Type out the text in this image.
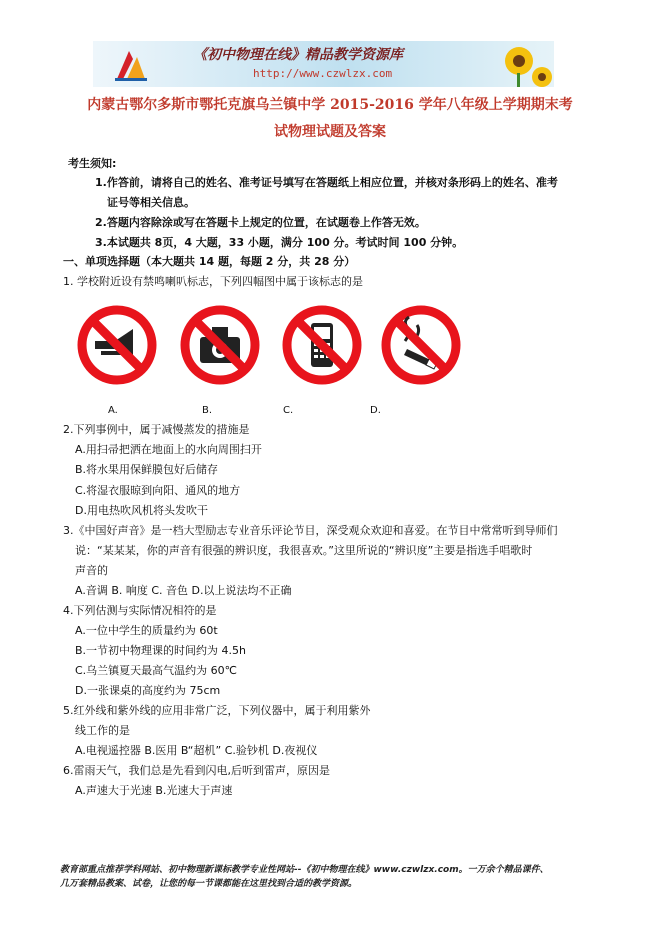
《初中物理在线》精品教学资源库
http://www.czwlzx.com
内蒙古鄂尔多斯市鄂托克旗乌兰镇中学 2015-2016 学年八年级上学期期末考
试物理试题及答案
考生须知:
1.作答前，请将自己的姓名、准考证号填写在答题纸上相应位置，并核对条形码上的姓名、准考
证号等相关信息。
2.答题内容除涂或写在答题卡上规定的位置，在试题卷上作答无效。
3.本试题共 8页，4 大题，33 小题，满分 100 分。考试时间 100 分钟。
一、单项选择题（本大题共 14 题，每题 2 分，共 28 分）
1. 学校附近设有禁鸣喇叭标志，下列四幅图中属于该标志的是
A.	B.	C.	D.
2.下列事例中，属于减慢蒸发的措施是
A.用扫帚把洒在地面上的水向周围扫开
B.将水果用保鲜膜包好后储存
C.将湿衣服晾到向阳、通风的地方
D.用电热吹风机将头发吹干
3.《中国好声音》是一档大型励志专业音乐评论节目，深受观众欢迎和喜爱。在节目中常常听到导师们
说：“某某某，你的声音有很强的辨识度，我很喜欢。”这里所说的“辨识度”主要是指选手唱歌时
声音的
A.音调 B. 响度 C. 音色 D.以上说法均不正确
4.下列估测与实际情况相符的是
A.一位中学生的质量约为 60t
B.一节初中物理课的时间约为 4.5h
C.乌兰镇夏天最高气温约为 60℃
D.一张课桌的高度约为 75cm
5.红外线和紫外线的应用非常广泛，下列仪器中，属于利用紫外
线工作的是
A.电视遥控器 B.医用 B“超机” C.验钞机 D.夜视仪
6.雷雨天气，我们总是先看到闪电,后听到雷声，原因是
A.声速大于光速 B.光速大于声速
教育部重点推荐学科网站、初中物理新课标教学专业性网站--《初中物理在线》www.czwlzx.com。一万余个精品课件、
几万套精品教案、试卷，让您的每一节课都能在这里找到合适的教学资源。
